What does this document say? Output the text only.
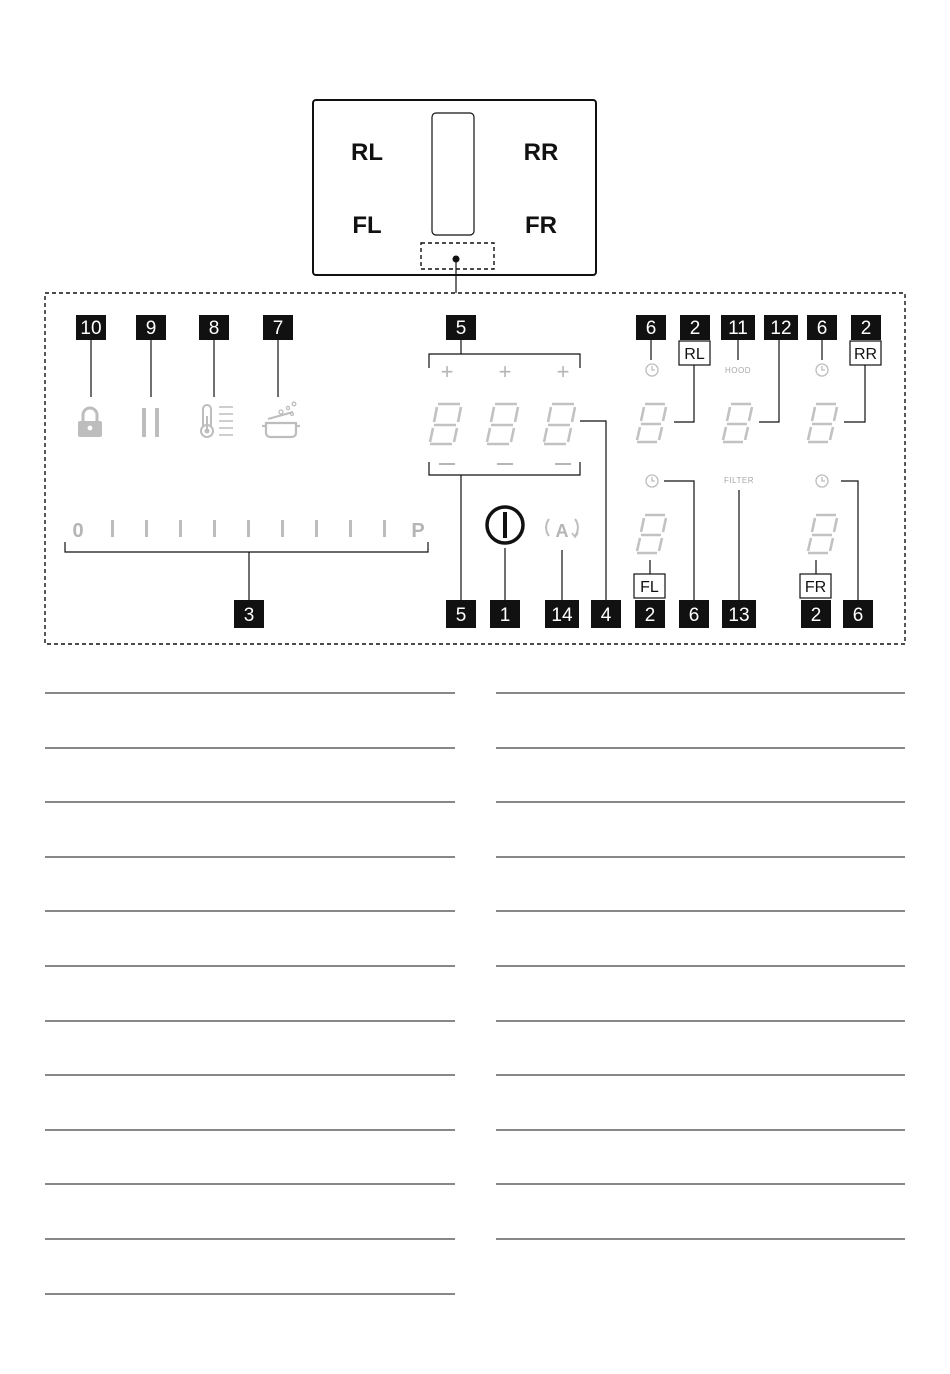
RL	RR
FL	FR
10 9	8	7
0	P
3
5
+ + +
5	4
1
A
14
6 2
RL
11
HOOD
12 6 2
RR
FL
2 6
FILTER
13
FR
2 6
